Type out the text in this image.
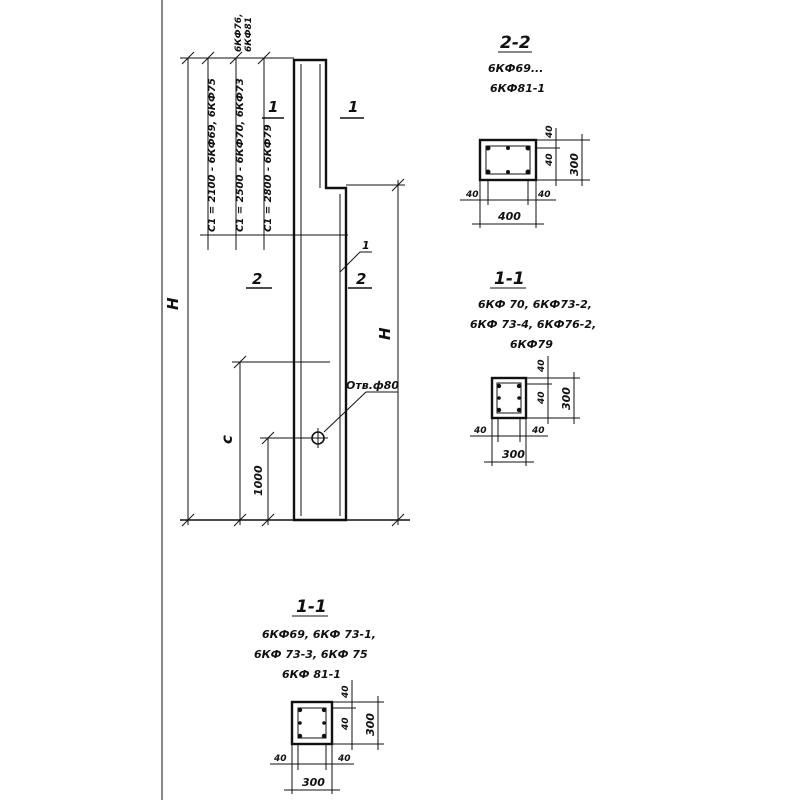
H
H
C1 = 2100 - 6КФ69, 6КФ75 C1 = 2500 - 6КФ70, 6КФ73 C1 = 2800 - 6КФ79
6КФ76, 6КФ81
1	1
2	2
1
c
1000
Отв.ф80
2-2
6КФ69...
6КФ81-1
40	40
400
40
40 300
1-1
6КФ 70, 6КФ73-2,
6КФ 73-4, 6КФ76-2,
6КФ79
40	40
300
40
40 300
1-1
6КФ69, 6КФ 73-1,
6КФ 73-3, 6КФ 75
6КФ 81-1
40	40
300
40
40 300
